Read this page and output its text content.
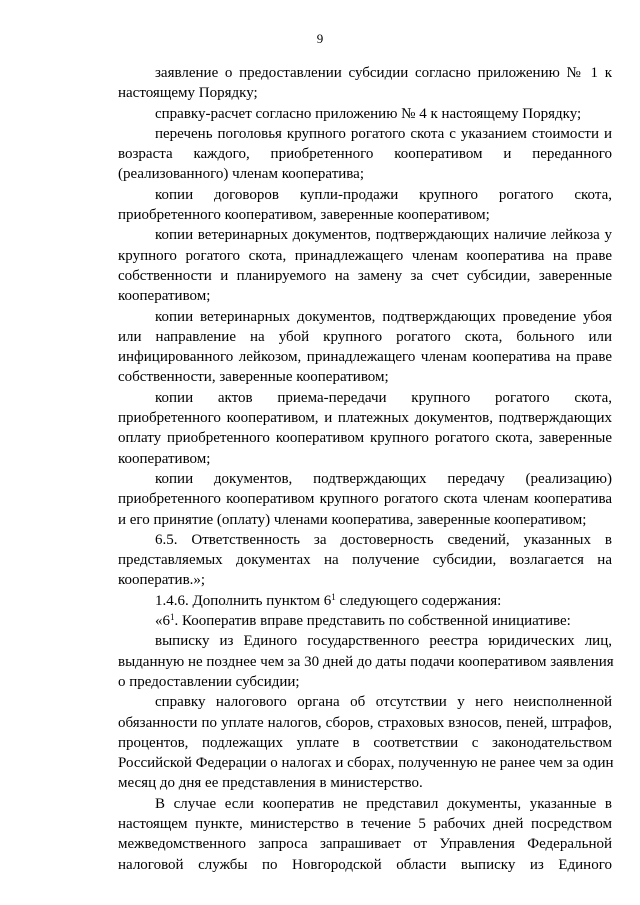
9
заявление о предоставлении субсидии согласно приложению № 1 к
настоящему Порядку;
справку-расчет согласно приложению № 4 к настоящему Порядку;
перечень поголовья крупного рогатого скота с указанием стоимости и
возраста каждого, приобретенного кооперативом и переданного
(реализованного) членам кооператива;
копии договоров купли-продажи крупного рогатого скота,
приобретенного кооперативом, заверенные кооперативом;
копии ветеринарных документов, подтверждающих наличие лейкоза у
крупного рогатого скота, принадлежащего членам кооператива на праве
собственности и планируемого на замену за счет субсидии, заверенные
кооперативом;
копии ветеринарных документов, подтверждающих проведение убоя
или направление на убой крупного рогатого скота, больного или
инфицированного лейкозом, принадлежащего членам кооператива на праве
собственности, заверенные кооперативом;
копии актов приема-передачи крупного рогатого скота,
приобретенного кооперативом, и платежных документов, подтверждающих
оплату приобретенного кооперативом крупного рогатого скота, заверенные
кооперативом;
копии документов, подтверждающих передачу (реализацию)
приобретенного кооперативом крупного рогатого скота членам кооператива
и его принятие (оплату) членами кооператива, заверенные кооперативом;
6.5. Ответственность за достоверность сведений, указанных в
представляемых документах на получение субсидии, возлагается на
кооператив.»;
1.4.6. Дополнить пунктом $6^1$ следующего содержания:
«$6^1$. Кооператив вправе представить по собственной инициативе:
выписку из Единого государственного реестра юридических лиц,
выданную не позднее чем за 30 дней до даты подачи кооперативом заявления
о предоставлении субсидии;
справку налогового органа об отсутствии у него неисполненной
обязанности по уплате налогов, сборов, страховых взносов, пеней, штрафов,
процентов, подлежащих уплате в соответствии с законодательством
Российской Федерации о налогах и сборах, полученную не ранее чем за один
месяц до дня ее представления в министерство.
В случае если кооператив не представил документы, указанные в
настоящем пункте, министерство в течение 5 рабочих дней посредством
межведомственного запроса запрашивает от Управления Федеральной
налоговой службы по Новгородской области выписку из Единого
